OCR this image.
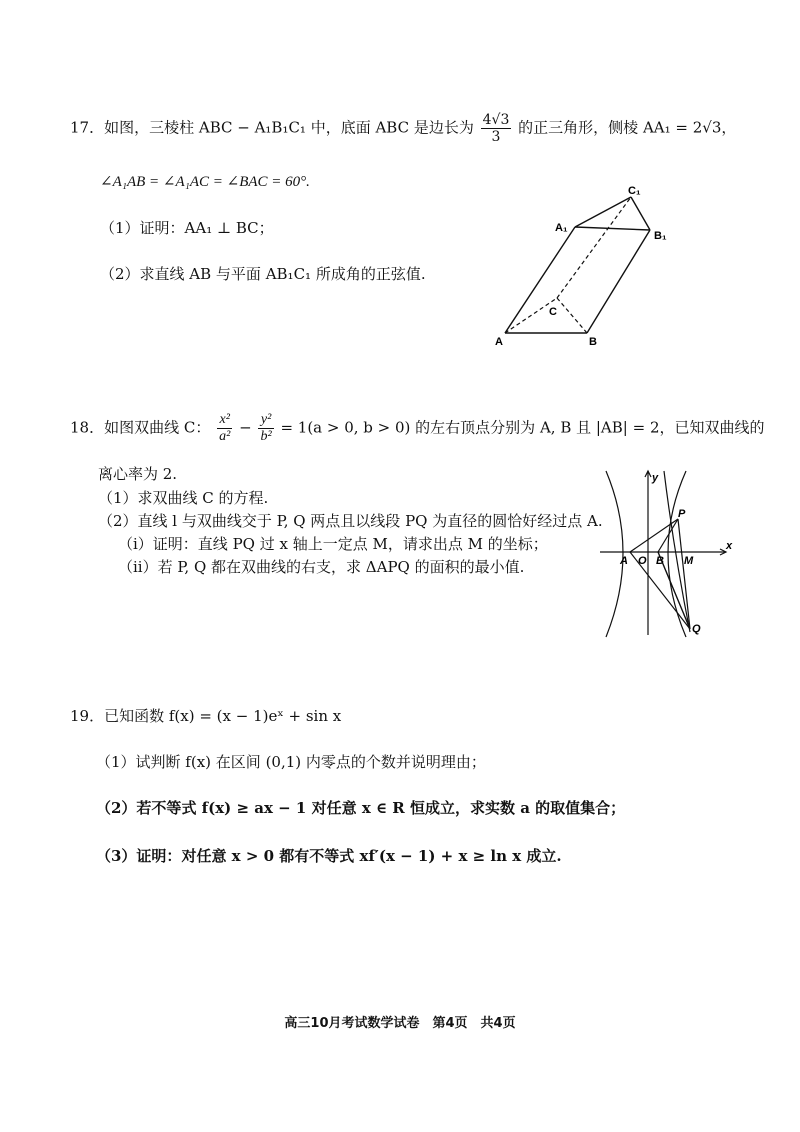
17．如图，三棱柱 ABC − A₁B₁C₁ 中，底面 ABC 是边长为 $\frac{4√3}{3}$ 的正三角形，侧棱 AA₁ = 2√3，
∠A₁AB = ∠A₁AC = ∠BAC = 60°.
（1）证明：AA₁ ⊥ BC；
（2）求直线 AB 与平面 AB₁C₁ 所成角的正弦值.
A	B
C
A₁
B₁
C₁
18．如图双曲线 C： $\frac{\text{x²}}{\text{a²}} - \frac{\text{y²}}{\text{b²}} = 1(a > 0$, b > 0) 的左右顶点分别为 A, B 且 |AB| = 2，已知双曲线的
离心率为 2.
（1）求双曲线 C 的方程.
（2）直线 l 与双曲线交于 P, Q 两点且以线段 PQ 为直径的圆恰好经过点 A.
（i）证明：直线 PQ 过 x 轴上一定点 M，请求出点 M 的坐标；
（ii）若 P, Q 都在双曲线的右支，求 ΔAPQ 的面积的最小值.
y
x
A O B M
P
Q
19．已知函数 f(x) = (x − 1)eˣ + sin x
（1）试判断 f(x) 在区间 (0,1) 内零点的个数并说明理由；
（2）若不等式 f(x) ≥ ax − 1 对任意 x ∈ R 恒成立，求实数 a 的取值集合；
（3）证明：对任意 x > 0 都有不等式 xf′(x − 1) + x ≥ ln x 成立.
高三10月考试数学试卷　第4页　共4页
